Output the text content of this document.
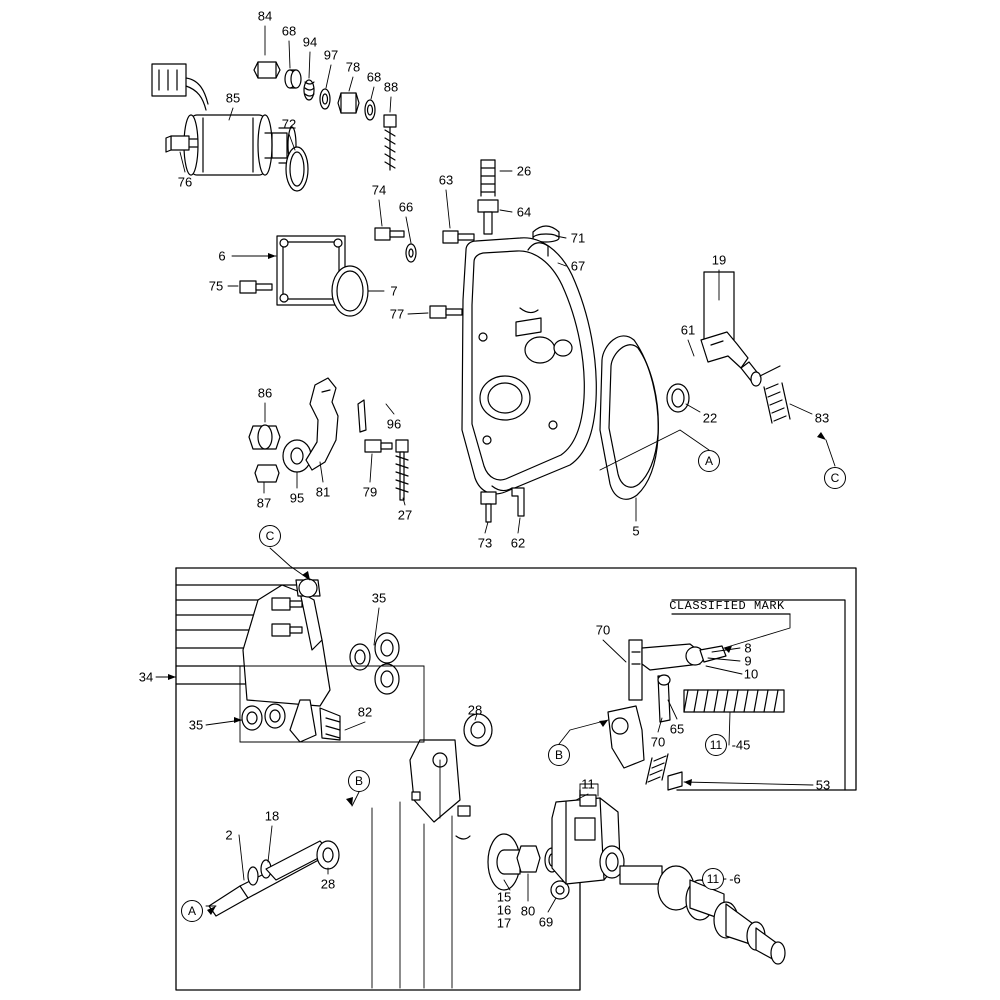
84
68
94
97
78
68
88
85
72
76
74
66
63
26
64
71
67
6
75	7
77
19
61
22	83
86
96
87 95 81	79
27
73 62
5
34
35
35
82	28
70
70
65
8
9
10
-45
53
11
2
18
28
15
16
17
80
69
-6
CLASSIFIED MARK
A
C
C
B
B
A
11
11
